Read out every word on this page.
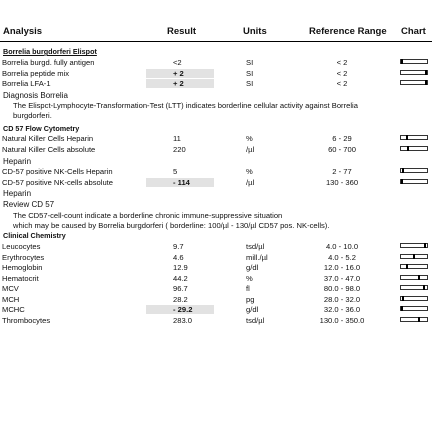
Analysis	Result	Units	Reference Range Chart
Borrelia burgdorferi Elispot
Borrelia burgd. fully antigen	<2	SI	< 2
Borrelia peptide mix	+ 2	SI	< 2
Borrelia LFA-1	+ 2	SI	< 2
Diagnosis Borrelia
The Elispct-Lymphocyte-Transformation-Test (LTT) indicates borderline cellular activity against Borrelia
burgdorferi.
CD 57 Flow Cytometry
Natural Killer Cells Heparin	11	%	6 - 29
Natural Killer Cells absolute	220	/µl	60 - 700
Heparin
CD-57 positive NK-Cells Heparin	5	%	2 - 77
CD-57 positive NK-cells absolute	- 114	/µl	130 - 360
Heparin
Review CD 57
The CD57-cell-count indicate a borderline chronic immune-suppressive situation
which may be caused by Borrelia burgdorferi ( borderline: 100/µl - 130/µl CD57 pos. NK-cells).
Clinical Chemistry
Leucocytes	9.7	tsd/µl	4.0 - 10.0
Erythrocytes	4.6	mill./µl	4.0 - 5.2
Hemoglobin	12.9	g/dl	12.0 - 16.0
Hematocrit	44.2	%	37.0 - 47.0
MCV	96.7	fl	80.0 - 98.0
MCH	28.2	pg	28.0 - 32.0
MCHC	- 29.2	g/dl	32.0 - 36.0
Thrombocytes	283.0	tsd/µl	130.0 - 350.0
